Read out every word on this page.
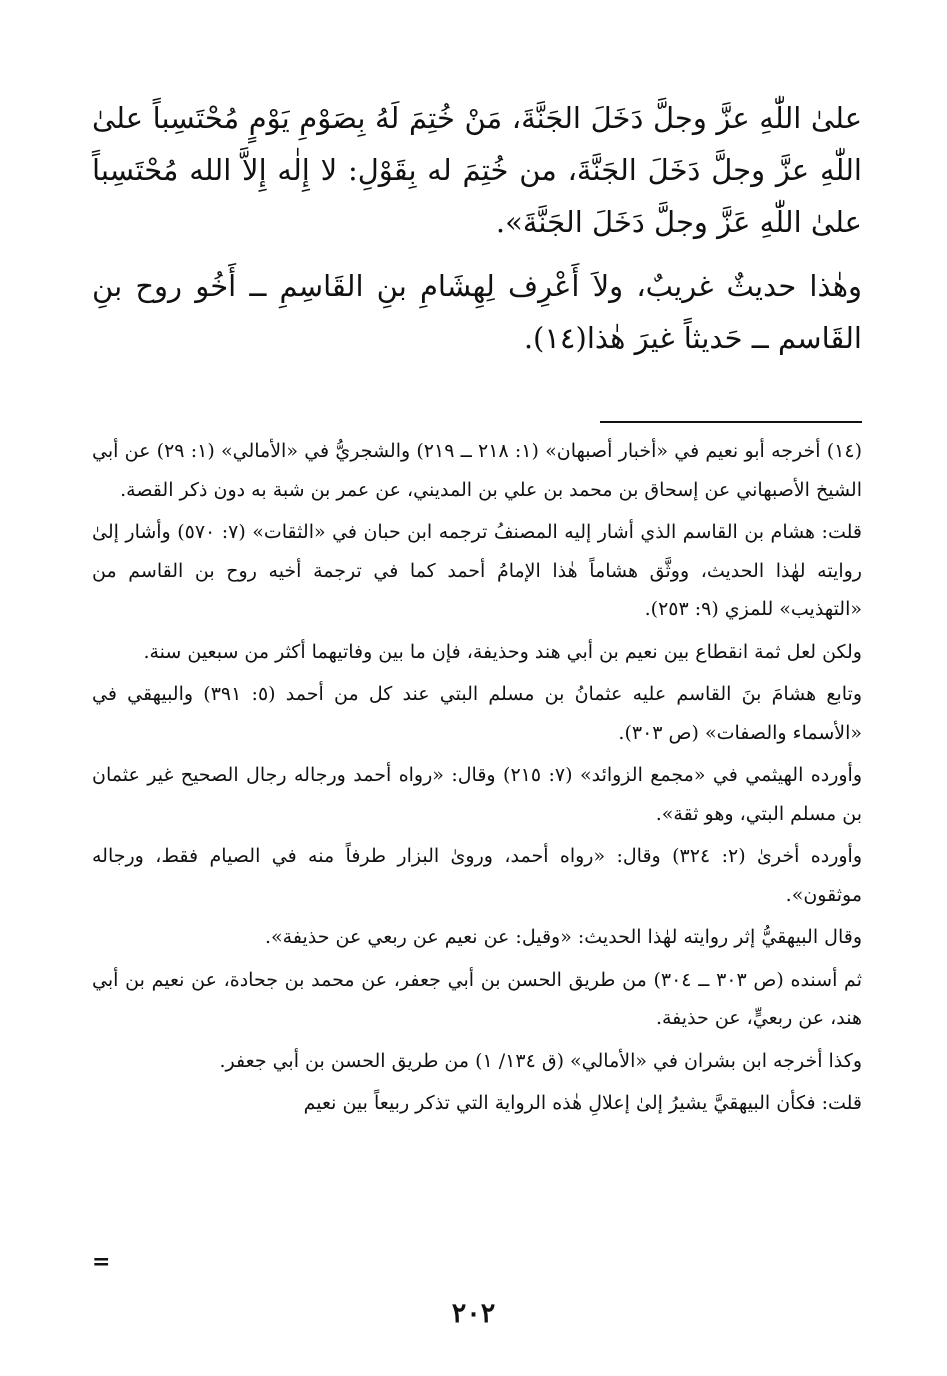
علىٰ اللّٰهِ عزَّ وجلَّ دَخَلَ الجَنَّةَ، مَنْ خُتِمَ لَهُ بِصَوْمِ يَوْمٍ مُحْتَسِباً علىٰ اللّٰهِ عزَّ وجلَّ دَخَلَ الجَنَّةَ، من خُتِمَ له بِقَوْلِ: لا إِلٰه إِلاَّ الله مُحْتَسِباً علىٰ اللّٰهِ عَزَّ وجلَّ دَخَلَ الجَنَّةَ».

وهٰذا حديثٌ غريبٌ، ولاَ أَعْرِف لِهِشَامِ بنِ القَاسِمِ ــ أَخُو روح بنِ القَاسم ــ حَديثاً غيرَ هٰذا(١٤).

(١٤) أخرجه أبو نعيم في «أخبار أصبهان» (١: ٢١٨ ــ ٢١٩) والشجريُّ في «الأمالي» (١: ٢٩) عن أبي الشيخ الأصبهاني عن إسحاق بن محمد بن علي بن المديني، عن عمر بن شبة به دون ذكر القصة.

قلت: هشام بن القاسم الذي أشار إليه المصنفُ ترجمه ابن حبان في «الثقات» (٧: ٥٧٠) وأشار إلىٰ روايته لهٰذا الحديث، ووثَّق هشاماً هٰذا الإمامُ أحمد كما في ترجمة أخيه روح بن القاسم من «التهذيب» للمزي (٩: ٢٥٣).

ولكن لعل ثمة انقطاع بين نعيم بن أبي هند وحذيفة، فإن ما بين وفاتيهما أكثر من سبعين سنة.

وتابع هشامَ بنَ القاسم عليه عثمانُ بن مسلم البتي عند كل من أحمد (٥: ٣٩١) والبيهقي في «الأسماء والصفات» (ص ٣٠٣).

وأورده الهيثمي في «مجمع الزوائد» (٧: ٢١٥) وقال: «رواه أحمد ورجاله رجال الصحيح غير عثمان بن مسلم البتي، وهو ثقة».

وأورده أخرىٰ (٢: ٣٢٤) وقال: «رواه أحمد، وروىٰ البزار طرفاً منه في الصيام فقط، ورجاله موثقون».

وقال البيهقيُّ إثر روايته لهٰذا الحديث: «وقيل: عن نعيم عن ربعي عن حذيفة».

ثم أسنده (ص ٣٠٣ ــ ٣٠٤) من طريق الحسن بن أبي جعفر، عن محمد بن جحادة، عن نعيم بن أبي هند، عن ربعيٍّ، عن حذيفة.

وكذا أخرجه ابن بشران في «الأمالي» (ق ١٣٤/ ١) من طريق الحسن بن أبي جعفر.

قلت: فكأن البيهقيَّ يشيرُ إلىٰ إعلالِ هٰذه الرواية التي تذكر ربيعاً بين نعيم

=
٢٠٢
